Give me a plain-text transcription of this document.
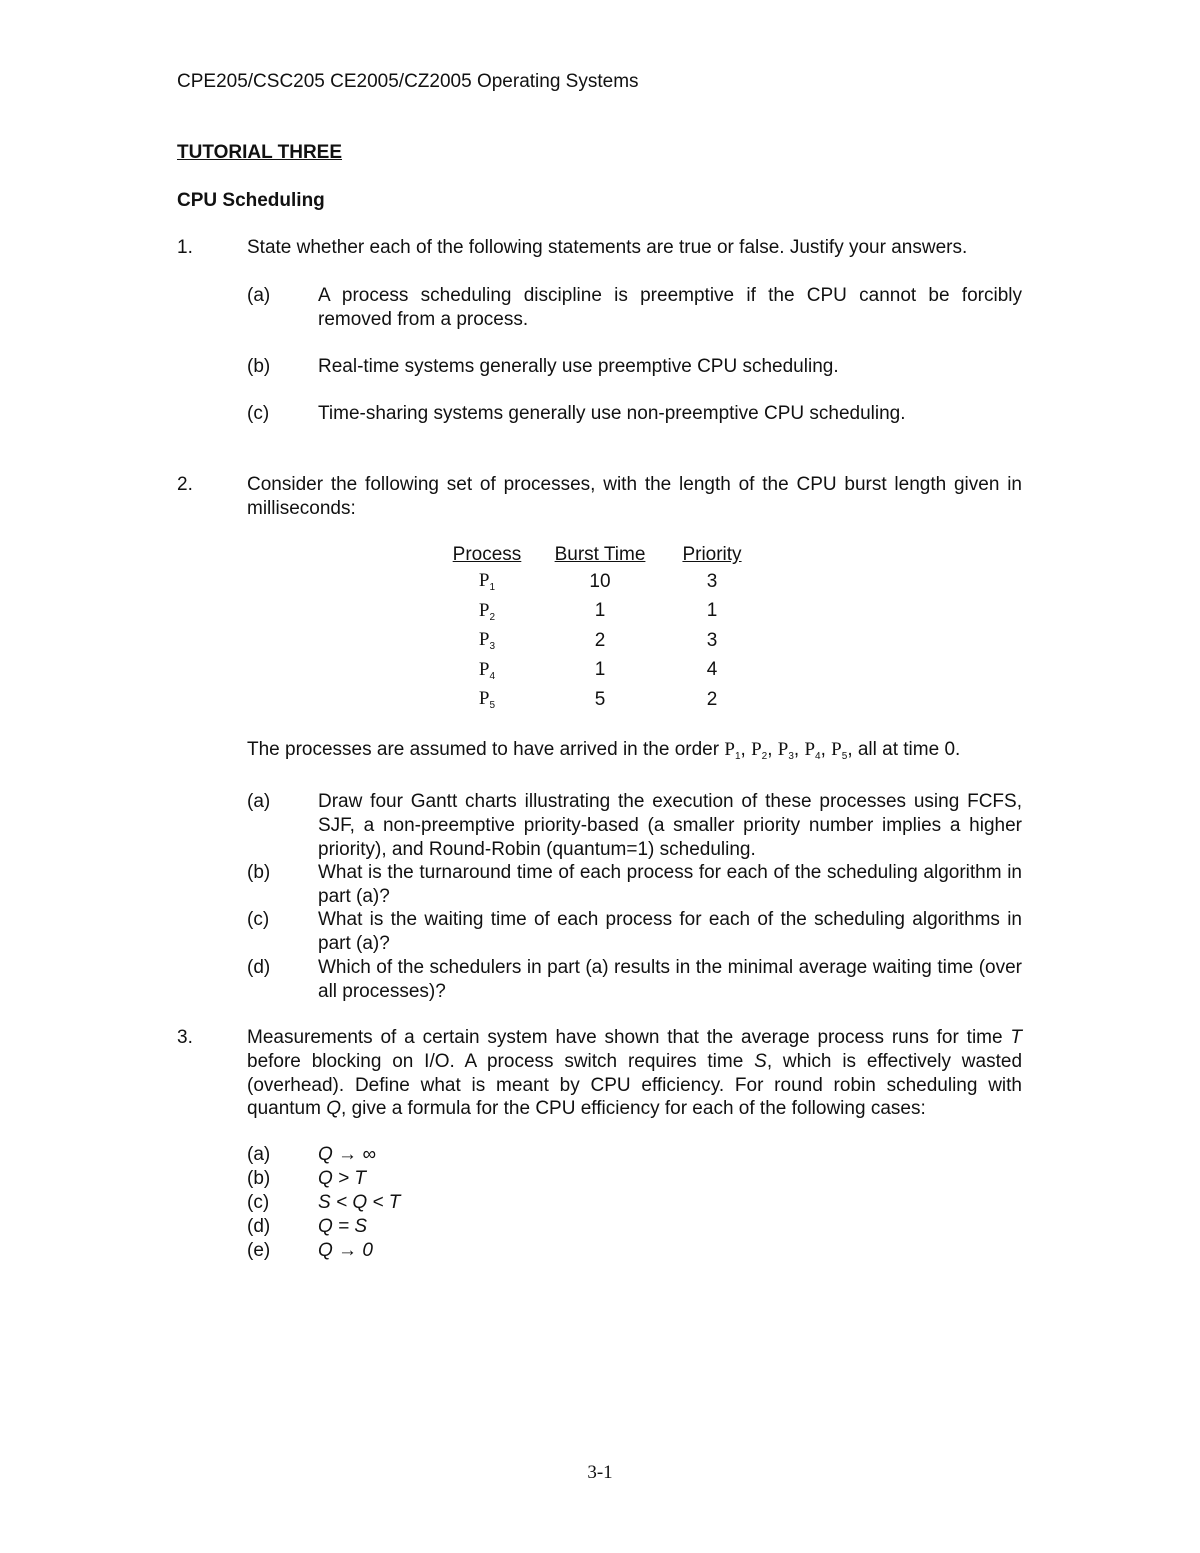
CPE205/CSC205 CE2005/CZ2005 Operating Systems
TUTORIAL THREE
CPU Scheduling
1.	State whether each of the following statements are true or false. Justify your answers.
(a)	A process scheduling discipline is preemptive if the CPU cannot be forcibly removed from a process.
(b)	Real-time systems generally use preemptive CPU scheduling.
(c)	Time-sharing systems generally use non-preemptive CPU scheduling.
2.	Consider the following set of processes, with the length of the CPU burst length given in milliseconds:
Process	Burst Time	Priority
$P_1$	10	3
$P_2$	1	1
$P_3$	2	3
$P_4$	1	4
$P_5$	5	2
The processes are assumed to have arrived in the order $P_1$, $P_2$, $P_3$, $P_4$, $P_5$, all at time 0.
(a)	Draw four Gantt charts illustrating the execution of these processes using FCFS, SJF, a non-preemptive priority-based (a smaller priority number implies a higher priority), and Round-Robin (quantum=1) scheduling.
(b)	What is the turnaround time of each process for each of the scheduling algorithm in part (a)?
(c)	What is the waiting time of each process for each of the scheduling algorithms in part (a)?
(d)	Which of the schedulers in part (a) results in the minimal average waiting time (over all processes)?
3.	Measurements of a certain system have shown that the average process runs for time T before blocking on I/O. A process switch requires time S, which is effectively wasted (overhead). Define what is meant by CPU efficiency. For round robin scheduling with quantum Q, give a formula for the CPU efficiency for each of the following cases:
(a)	Q → ∞
(b)	Q > T
(c)	S < Q < T
(d)	Q = S
(e)	Q → 0
3-1
